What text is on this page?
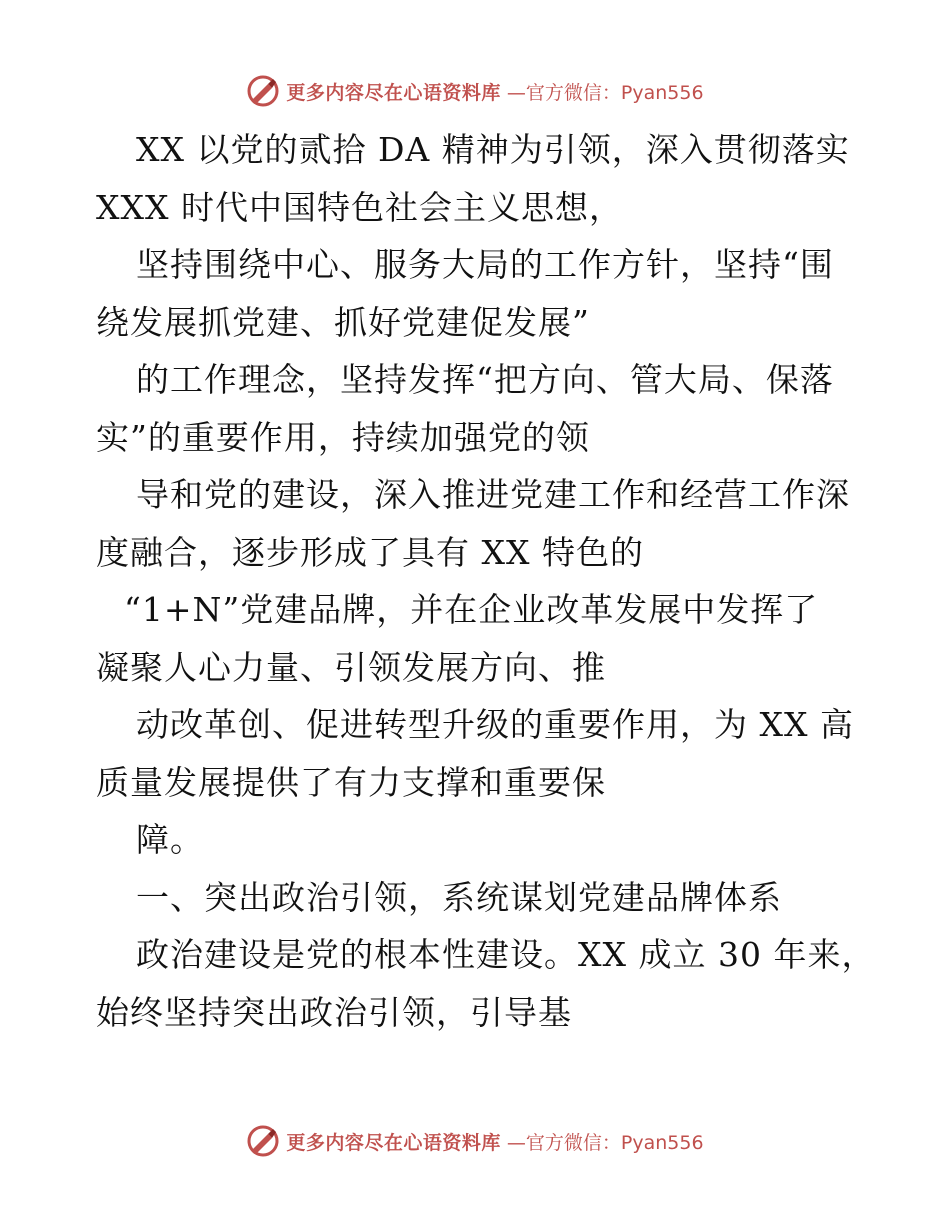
更多内容尽在心语资料库 —官方微信：Pyan556
XX 以党的贰拾 DA 精神为引领，深入贯彻落实
XXX 时代中国特色社会主义思想，
坚持围绕中心、服务大局的工作方针，坚持“围
绕发展抓党建、抓好党建促发展”
的工作理念，坚持发挥“把方向、管大局、保落
实”的重要作用，持续加强党的领
导和党的建设，深入推进党建工作和经营工作深
度融合，逐步形成了具有 XX 特色的
“1+N”党建品牌，并在企业改革发展中发挥了
凝聚人心力量、引领发展方向、推
动改革创、促进转型升级的重要作用，为 XX 高
质量发展提供了有力支撑和重要保
障。
一、突出政治引领，系统谋划党建品牌体系
政治建设是党的根本性建设。XX 成立 30 年来，
始终坚持突出政治引领，引导基
更多内容尽在心语资料库 —官方微信：Pyan556
